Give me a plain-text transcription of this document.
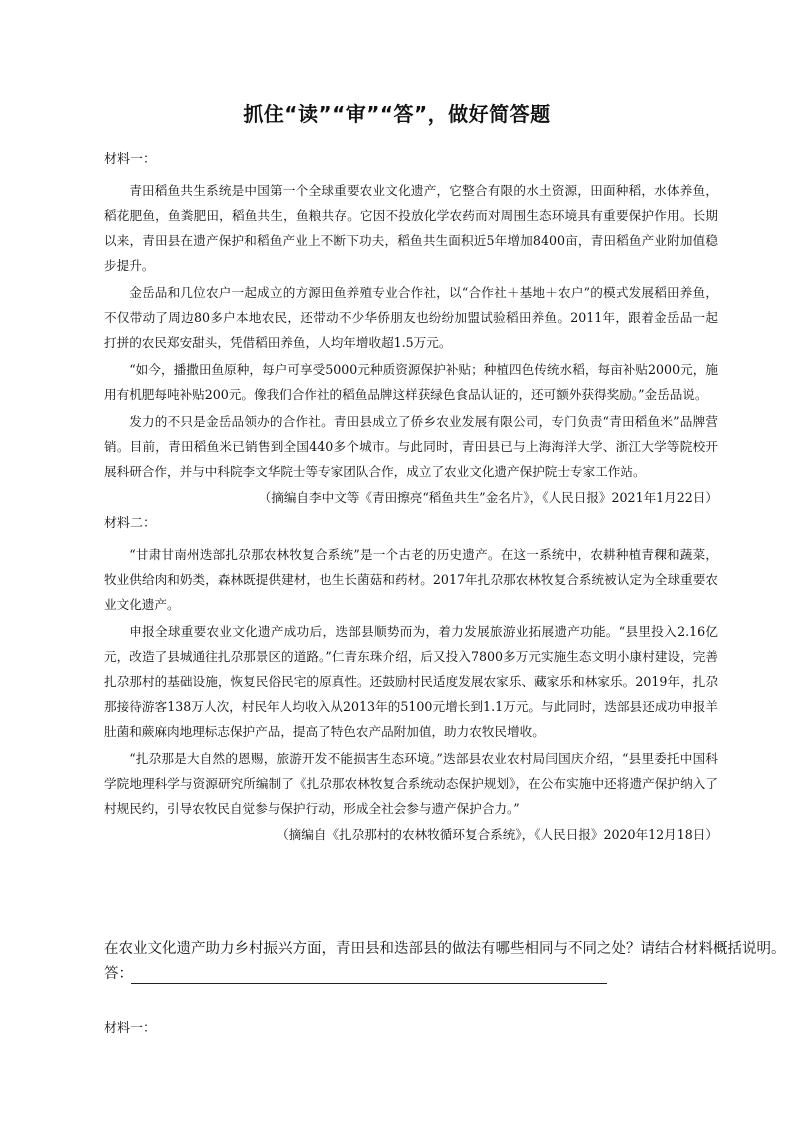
抓住“读”“审”“答”，做好简答题
材料一：

青田稻鱼共生系统是中国第一个全球重要农业文化遗产，它整合有限的水土资源，田面种稻，水体养鱼，稻花肥鱼，鱼粪肥田，稻鱼共生，鱼粮共存。它因不投放化学农药而对周围生态环境具有重要保护作用。长期以来，青田县在遗产保护和稻鱼产业上不断下功夫，稻鱼共生面积近5年增加8400亩，青田稻鱼产业附加值稳步提升。

金岳品和几位农户一起成立的方源田鱼养殖专业合作社，以“合作社＋基地＋农户”的模式发展稻田养鱼，不仅带动了周边80多户本地农民，还带动不少华侨朋友也纷纷加盟试验稻田养鱼。2011年，跟着金岳品一起打拼的农民郑安甜头，凭借稻田养鱼，人均年增收超1.5万元。

“如今，播撒田鱼原种，每户可享受5000元种质资源保护补贴；种植四色传统水稻，每亩补贴2000元，施用有机肥每吨补贴200元。像我们合作社的稻鱼品牌这样获绿色食品认证的，还可额外获得奖励。”金岳品说。

发力的不只是金岳品领办的合作社。青田县成立了侨乡农业发展有限公司，专门负责“青田稻鱼米”品牌营销。目前，青田稻鱼米已销售到全国440多个城市。与此同时，青田县已与上海海洋大学、浙江大学等院校开展科研合作，并与中科院李文华院士等专家团队合作，成立了农业文化遗产保护院士专家工作站。

（摘编自李中文等《青田擦亮“稻鱼共生”金名片》，《人民日报》2021年1月22日）
材料二：

“甘肃甘南州迭部扎尕那农林牧复合系统”是一个古老的历史遗产。在这一系统中，农耕种植青稞和蔬菜，牧业供给肉和奶类，森林既提供建材，也生长菌菇和药材。2017年扎尕那农林牧复合系统被认定为全球重要农业文化遗产。

申报全球重要农业文化遗产成功后，迭部县顺势而为，着力发展旅游业拓展遗产功能。“县里投入2.16亿元，改造了县城通往扎尕那景区的道路。”仁青东珠介绍，后又投入7800多万元实施生态文明小康村建设，完善扎尕那村的基础设施，恢复民俗民宅的原真性。还鼓励村民适度发展农家乐、藏家乐和林家乐。2019年，扎尕那接待游客138万人次，村民年人均收入从2013年的5100元增长到1.1万元。与此同时，迭部县还成功申报羊肚菌和蕨麻肉地理标志保护产品，提高了特色农产品附加值，助力农牧民增收。

“扎尕那是大自然的恩赐，旅游开发不能损害生态环境。”迭部县农业农村局闫国庆介绍，“县里委托中国科学院地理科学与资源研究所编制了《扎尕那农林牧复合系统动态保护规划》，在公布实施中还将遗产保护纳入了村规民约，引导农牧民自觉参与保护行动，形成全社会参与遗产保护合力。”

（摘编自《扎尕那村的农林牧循环复合系统》，《人民日报》2020年12月18日）
在农业文化遗产助力乡村振兴方面，青田县和迭部县的做法有哪些相同与不同之处？请结合材料概括说明。
答：
材料一：
